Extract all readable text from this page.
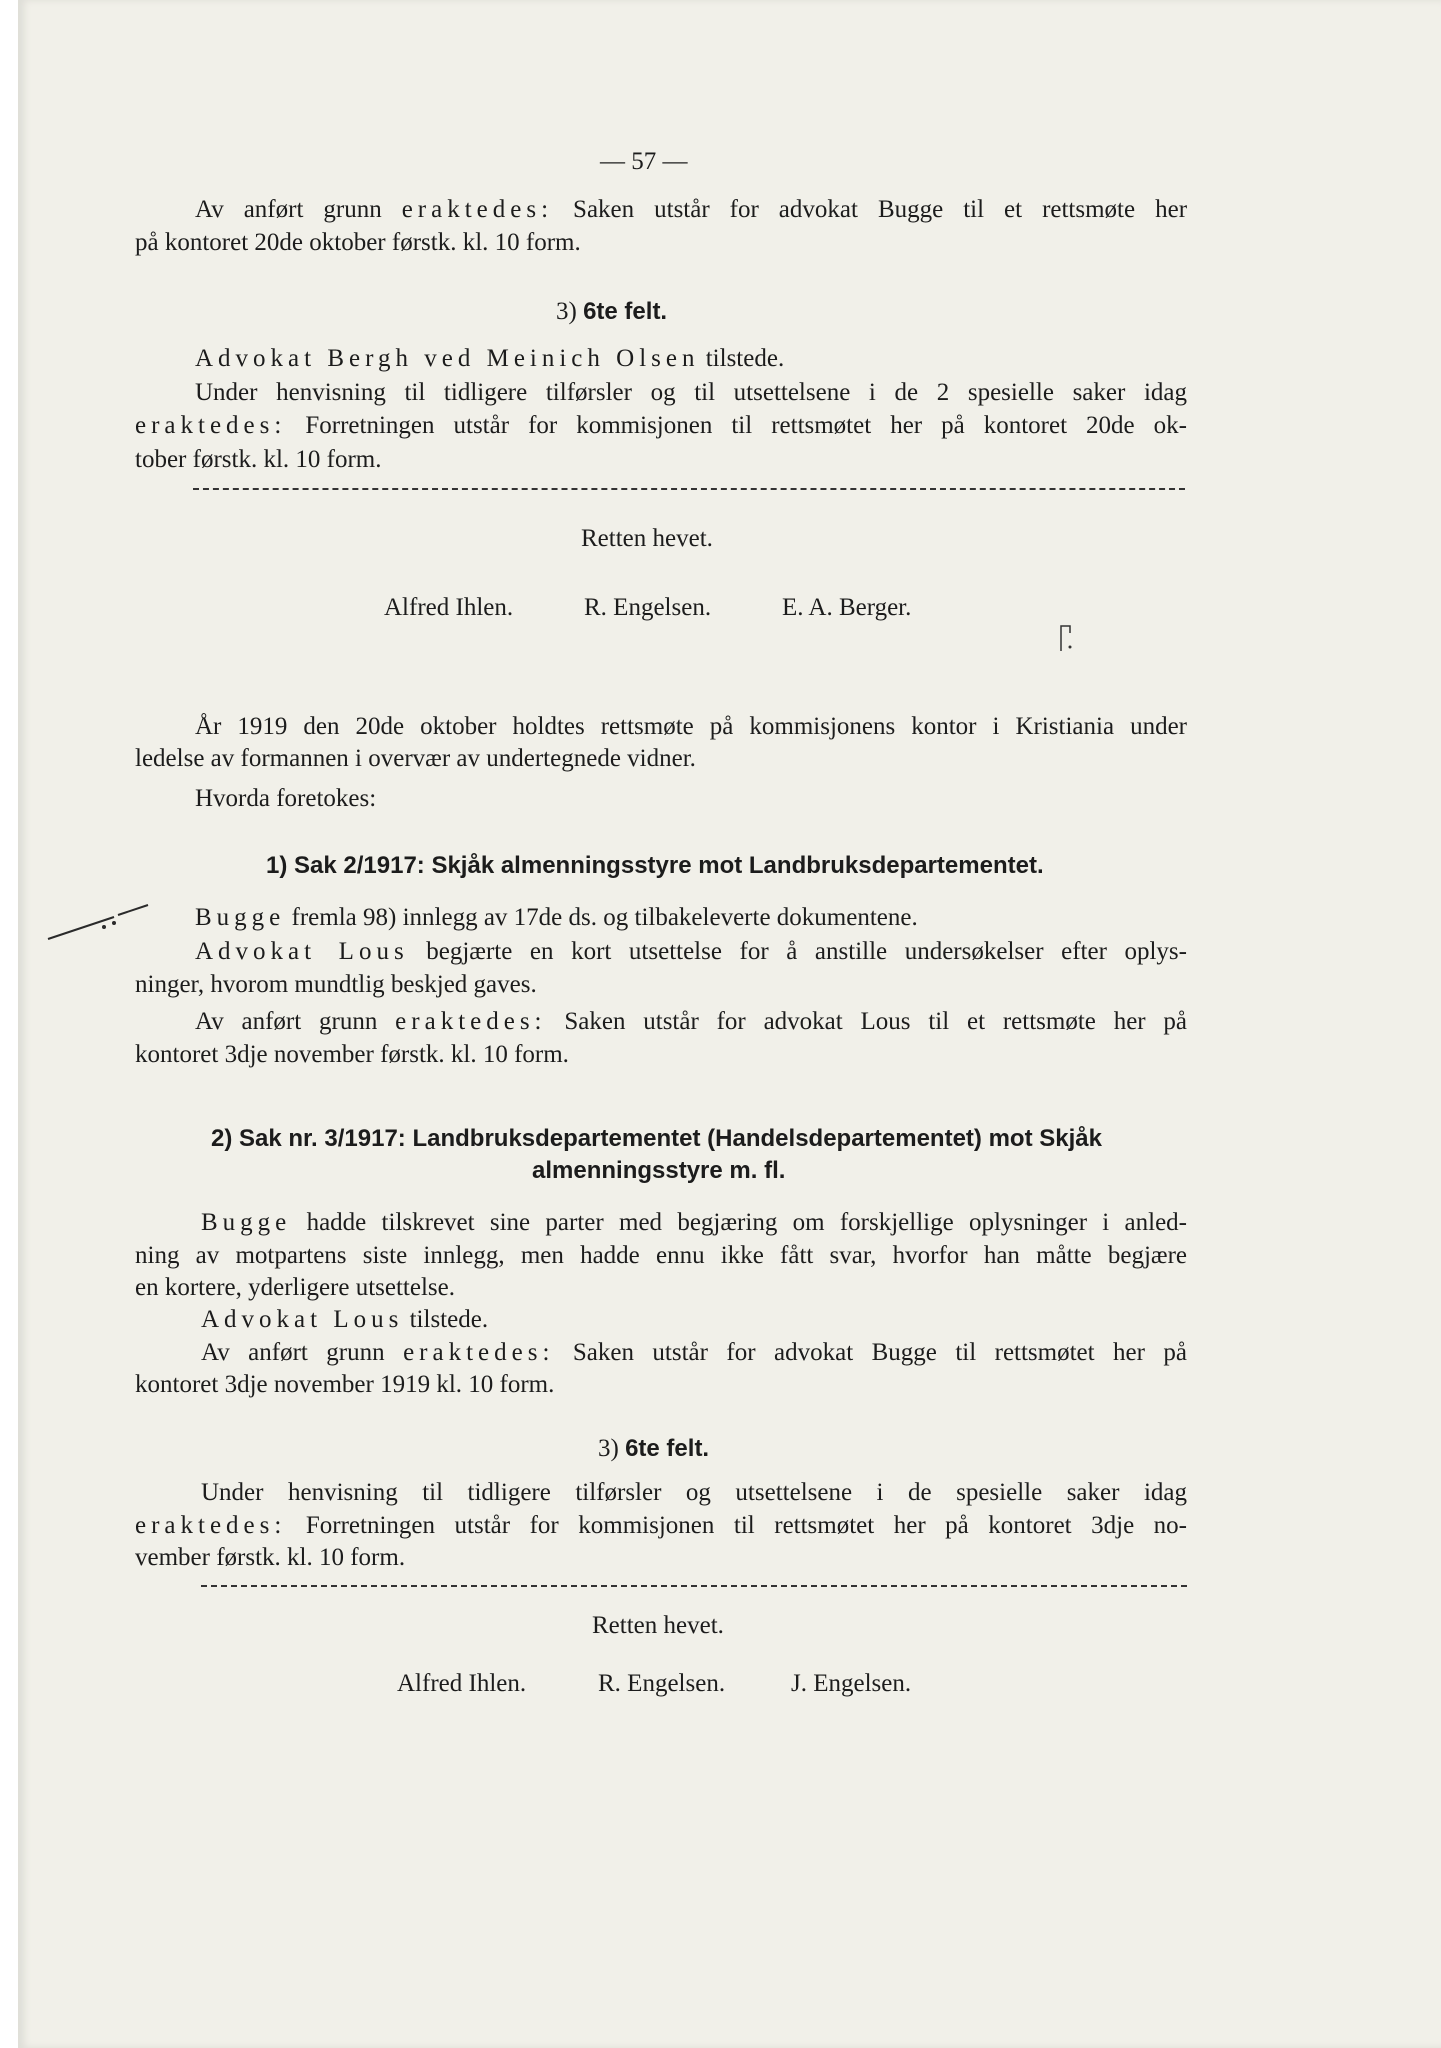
— 57 —
Av anført grunn eraktedes: Saken utstår for advokat Bugge til et rettsmøte her
på kontoret 20de oktober førstk. kl. 10 form.
3) 6te felt.
Advokat Bergh ved Meinich Olsen tilstede.
Under henvisning til tidligere tilførsler og til utsettelsene i de 2 spesielle saker idag
eraktedes: Forretningen utstår for kommisjonen til rettsmøtet her på kontoret 20de ok-
tober førstk. kl. 10 form.
Retten hevet.
Alfred Ihlen.	R. Engelsen.	E. A. Berger.
År 1919 den 20de oktober holdtes rettsmøte på kommisjonens kontor i Kristiania under
ledelse av formannen i overvær av undertegnede vidner.
Hvorda foretokes:
1) Sak 2/1917: Skjåk almenningsstyre mot Landbruksdepartementet.
Bugge fremla 98) innlegg av 17de ds. og tilbakeleverte dokumentene.
Advokat Lous begjærte en kort utsettelse for å anstille undersøkelser efter oplys-
ninger, hvorom mundtlig beskjed gaves.
Av anført grunn eraktedes: Saken utstår for advokat Lous til et rettsmøte her på
kontoret 3dje november førstk. kl. 10 form.
2) Sak nr. 3/1917: Landbruksdepartementet (Handelsdepartementet) mot Skjåk
almenningsstyre m. fl.
Bugge hadde tilskrevet sine parter med begjæring om forskjellige oplysninger i anled-
ning av motpartens siste innlegg, men hadde ennu ikke fått svar, hvorfor han måtte begjære
en kortere, yderligere utsettelse.
Advokat Lous tilstede.
Av anført grunn eraktedes: Saken utstår for advokat Bugge til rettsmøtet her på
kontoret 3dje november 1919 kl. 10 form.
3) 6te felt.
Under henvisning til tidligere tilførsler og utsettelsene i de spesielle saker idag
eraktedes: Forretningen utstår for kommisjonen til rettsmøtet her på kontoret 3dje no-
vember førstk. kl. 10 form.
Retten hevet.
Alfred Ihlen.	R. Engelsen.	J. Engelsen.
